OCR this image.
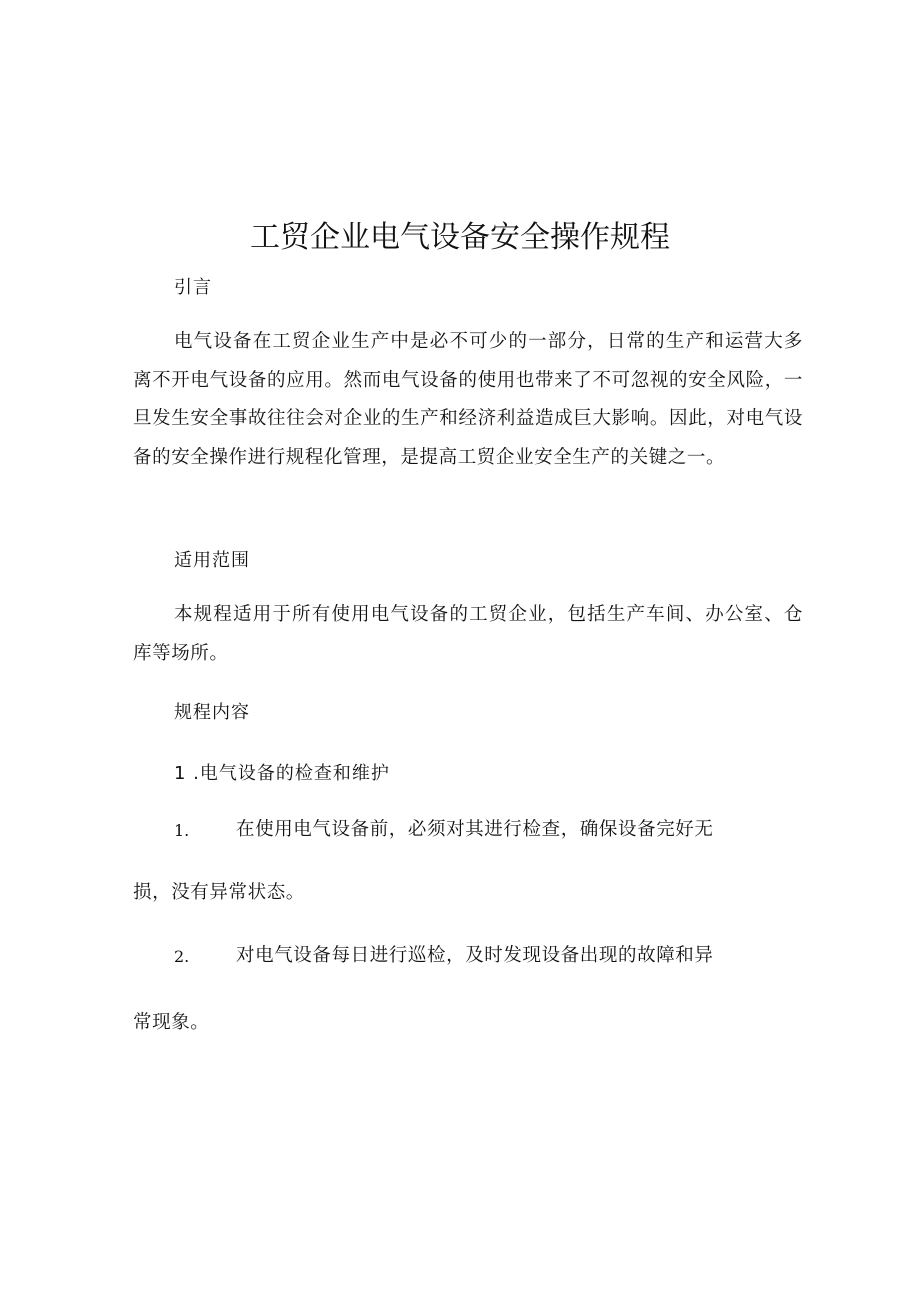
工贸企业电气设备安全操作规程

引言

电气设备在工贸企业生产中是必不可少的一部分，日常的生产和运营大多离不开电气设备的应用。然而电气设备的使用也带来了不可忽视的安全风险，一旦发生安全事故往往会对企业的生产和经济利益造成巨大影响。因此，对电气设备的安全操作进行规程化管理，是提高工贸企业安全生产的关键之一。

适用范围

本规程适用于所有使用电气设备的工贸企业，包括生产车间、办公室、仓库等场所。

规程内容

1 .电气设备的检查和维护

1.	在使用电气设备前，必须对其进行检查，确保设备完好无

损，没有异常状态。

2.	对电气设备每日进行巡检，及时发现设备出现的故障和异

常现象。
